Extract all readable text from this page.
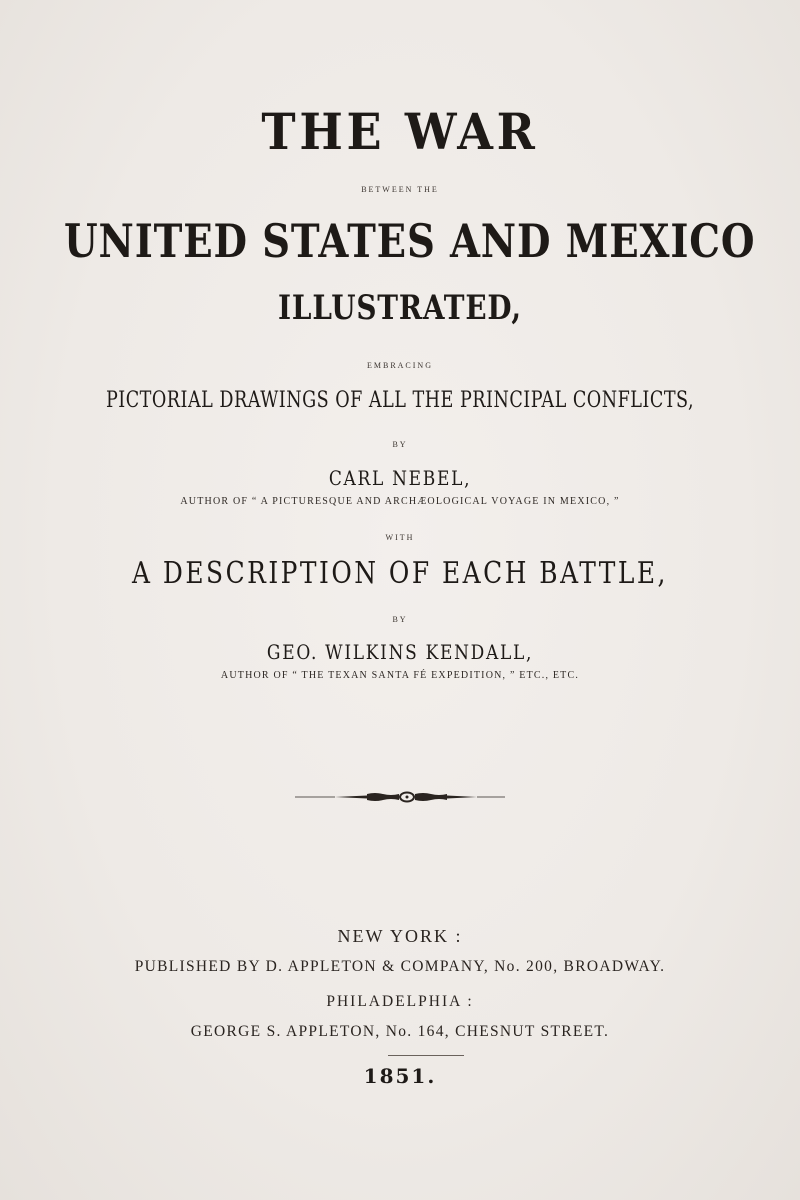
THE WAR
BETWEEN THE
UNITED STATES AND MEXICO
ILLUSTRATED,
EMBRACING
PICTORIAL DRAWINGS OF ALL THE PRINCIPAL CONFLICTS,
BY
CARL NEBEL,
AUTHOR OF “ A PICTURESQUE AND ARCHÆOLOGICAL VOYAGE IN MEXICO, ”
WITH
A DESCRIPTION OF EACH BATTLE,
BY
GEO. WILKINS KENDALL,
AUTHOR OF “ THE TEXAN SANTA FÉ EXPEDITION, ” ETC., ETC.
NEW YORK :
PUBLISHED BY D. APPLETON & COMPANY, No. 200, BROADWAY.
PHILADELPHIA :
GEORGE S. APPLETON, No. 164, CHESNUT STREET.
1851.
